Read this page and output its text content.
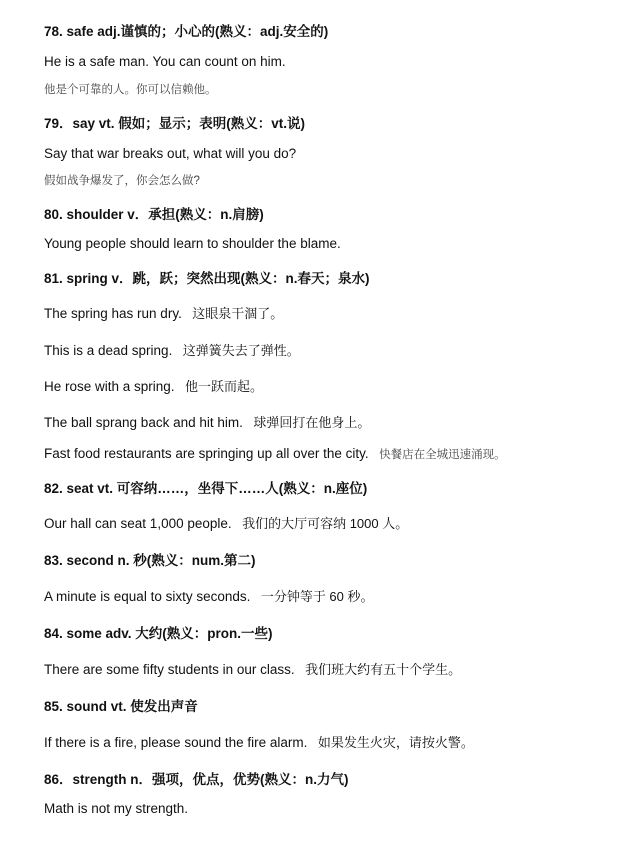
78. safe adj.谨慎的；小心的(熟义：adj.安全的)
He is a safe man. You can count on him.
他是个可靠的人。你可以信赖他。
79．say vt. 假如；显示；表明(熟义：vt.说)
Say that war breaks out, what will you do?
假如战争爆发了，你会怎么做?
80. shoulder v．承担(熟义：n.肩膀)
Young people should learn to shoulder the blame.
81. spring v．跳，跃；突然出现(熟义：n.春天；泉水)
The spring has run dry. 这眼泉干涸了。
This is a dead spring. 这弹簧失去了弹性。
He rose with a spring. 他一跃而起。
The ball sprang back and hit him. 球弹回打在他身上。
Fast food restaurants are springing up all over the city. 快餐店在全城迅速涌现。
82. seat vt. 可容纳……，坐得下……人(熟义：n.座位)
Our hall can seat 1,000 people. 我们的大厅可容纳 1000 人。
83. second n. 秒(熟义：num.第二)
A minute is equal to sixty seconds. 一分钟等于 60 秒。
84. some adv. 大约(熟义：pron.一些)
There are some fifty students in our class. 我们班大约有五十个学生。
85. sound vt. 使发出声音
If there is a fire, please sound the fire alarm. 如果发生火灾，请按火警。
86．strength n．强项，优点，优势(熟义：n.力气)
Math is not my strength.
